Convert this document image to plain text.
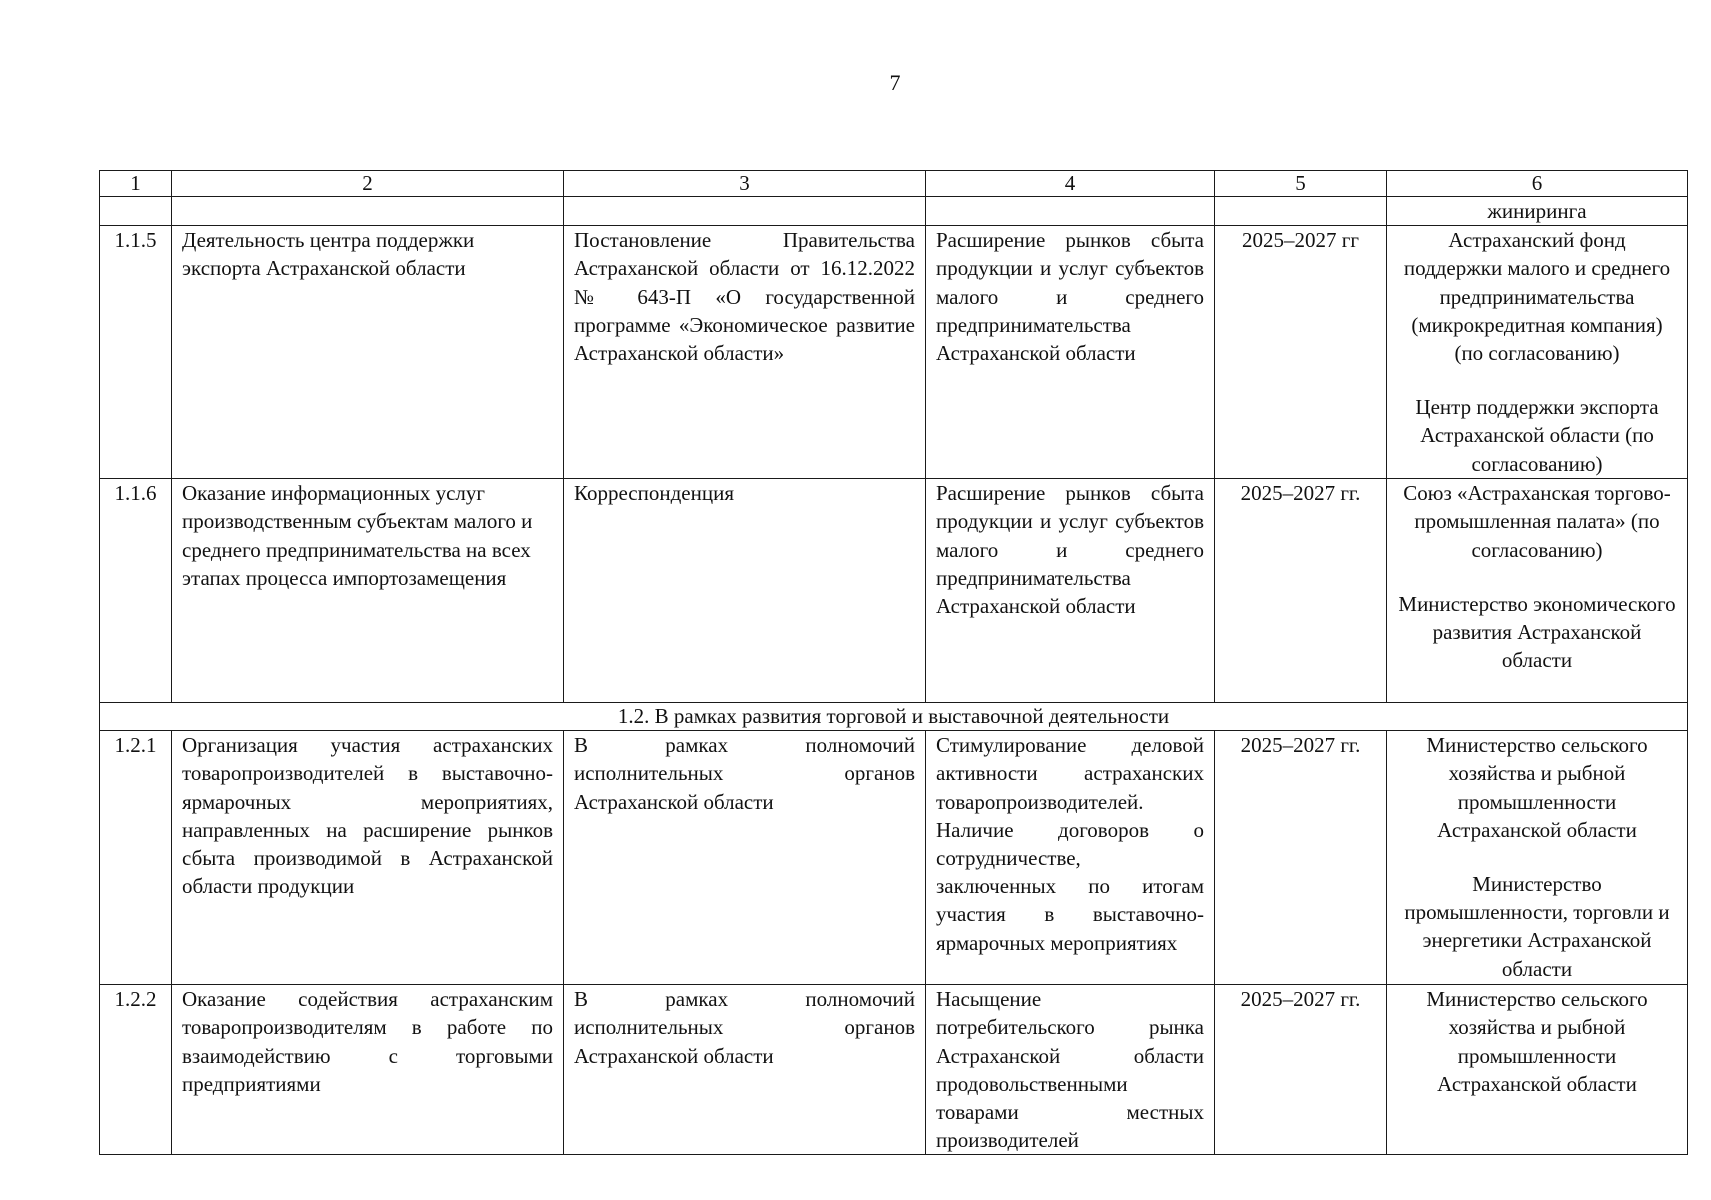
7
1	2	3	4	5	6
					жиниринга
1.1.5	Деятельность центра поддержки экспорта Астраханской области	Постановление Правительства Астраханской области от 16.12.2022 № 643-П «О государственной программе «Экономическое развитие Астраханской области»	Расширение рынков сбыта продукции и услуг субъектов малого и среднего предпринимательства Астраханской области	2025–2027 гг	Астраханский фонд поддержки малого и среднего предпринимательства (микрокредитная компания) (по согласованию)
Центр поддержки экспорта Астраханской области (по согласованию)

1.1.6	Оказание информационных услуг производственным субъектам малого и среднего предпринимательства на всех этапах процесса импортозамещения	Корреспонденция	Расширение рынков сбыта продукции и услуг субъектов малого и среднего предпринимательства Астраханской области	2025–2027 гг.	Союз «Астраханская торгово-промышленная палата» (по согласованию)
Министерство экономического развития Астраханской области

1.2. В рамках развития торговой и выставочной деятельности					
1.2.1	Организация участия астраханских товаропроизводителей в выставочно-ярмарочных мероприятиях, направленных на расширение рынков сбыта производимой в Астраханской области продукции	В рамках полномочий исполнительных органов Астраханской области	Стимулирование деловой активности астраханских товаропроизводителей. Наличие договоров о сотрудничестве, заключенных по итогам участия в выставочно-ярмарочных мероприятиях	2025–2027 гг.	Министерство сельского хозяйства и рыбной промышленности Астраханской области
Министерство промышленности, торговли и энергетики Астраханской области

1.2.2	Оказание содействия астраханским товаропроизводителям в работе по взаимодействию с торговыми предприятиями	В рамках полномочий исполнительных органов Астраханской области	Насыщение потребительского рынка Астраханской области продовольственными товарами местных производителей	2025–2027 гг.	Министерство сельского хозяйства и рыбной промышленности Астраханской области
